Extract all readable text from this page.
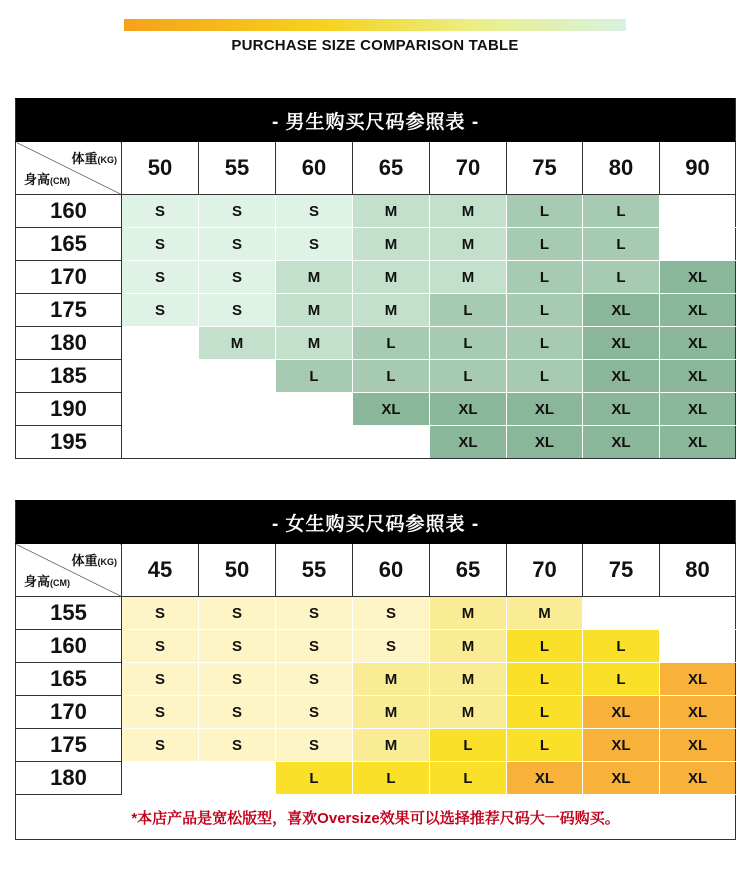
PURCHASE SIZE COMPARISON TABLE
- 男生购买尺码参照表 -								

体重(KG)
身高(CM)	50	55	60	65	70	75	80	90
160	S	S	S	M	M	L	L	
165	S	S	S	M	M	L	L	
170	S	S	M	M	M	L	L	XL
175	S	S	M	M	L	L	XL	XL
180		M	M	L	L	L	XL	XL
185			L	L	L	L	XL	XL
190				XL	XL	XL	XL	XL
195					XL	XL	XL	XL
- 女生购买尺码参照表 -								

体重(KG)
身高(CM)	45	50	55	60	65	70	75	80
155	S	S	S	S	M	M		
160	S	S	S	S	M	L	L	
165	S	S	S	M	M	L	L	XL
170	S	S	S	M	M	L	XL	XL
175	S	S	S	M	L	L	XL	XL
180			L	L	L	XL	XL	XL
*本店产品是宽松版型，喜欢Oversize效果可以选择推荐尺码大一码购买。								
